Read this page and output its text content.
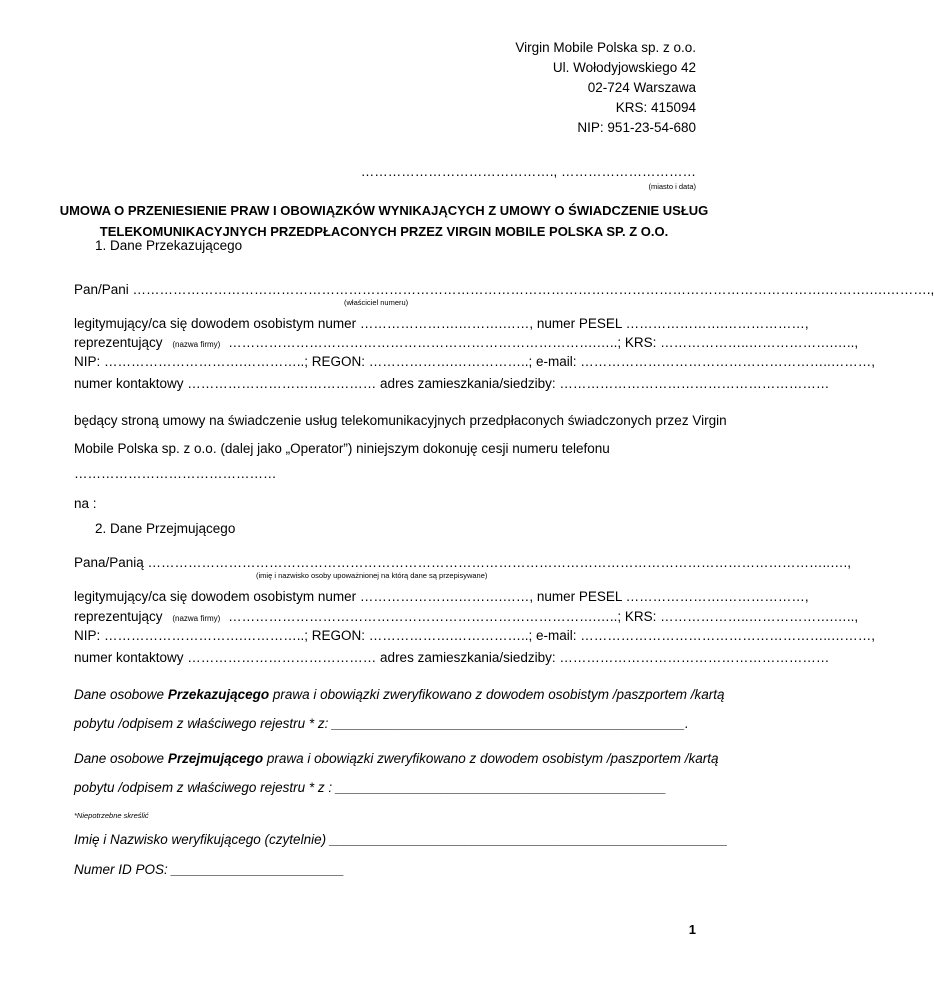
Virgin Mobile Polska sp. z o.o.
Ul. Wołodyjowskiego 42
02-724 Warszawa
KRS: 415094
NIP: 951-23-54-680
……………………………………., …………………………
(miasto i data)
UMOWA O PRZENIESIENIE PRAW I OBOWIĄZKÓW WYNIKAJĄCYCH Z UMOWY O ŚWIADCZENIE USŁUG
TELEKOMUNIKACYJNYCH PRZEDPŁACONYCH PRZEZ VIRGIN MOBILE POLSKA SP. Z O.O.
1. Dane Przekazującego
Pan/Pani ……………………………………………………………………………………………………………………………………….……….….……….,
(właściciel numeru)
legitymujący/ca się dowodem osobistym numer ………………….……….……, numer PESEL ………………….………………,
reprezentujący (nazwa firmy) ……………………………………………………………………….…..; KRS: ………………..……………….…..,
NIP: ………………………….…………..; REGON: ……………….……………..; e-mail: ………………………………………………..………,
numer kontaktowy …………………………………… adres zamieszkania/siedziby: ……………………………………………………
będący stroną umowy na świadczenie usług telekomunikacyjnych przedpłaconych świadczonych przez Virgin
Mobile Polska sp. z o.o. (dalej jako „Operator”) niniejszym dokonuję cesji numeru telefonu
………………………………………
na :
2. Dane Przejmującego
Pana/Panią ……………………………………………………………………………………………………………………………………..….,
(imię i nazwisko osoby upoważnionej na którą dane są przepisywane)
legitymujący/ca się dowodem osobistym numer ………………….……….……, numer PESEL ………………….………………,
reprezentujący (nazwa firmy) ……………………………………………………………………….…..; KRS: ………………..……………….…..,
NIP: ………………………….…………..; REGON: ……………….……………..; e-mail: ………………………………………………..………,
numer kontaktowy …………………………………… adres zamieszkania/siedziby: ……………………………………………………
Dane osobowe Przekazującego prawa i obowiązki zweryfikowano z dowodem osobistym /paszportem /kartą
pobytu /odpisem z właściwego rejestru * z: _______________________________________________.
Dane osobowe Przejmującego prawa i obowiązki zweryfikowano z dowodem osobistym /paszportem /kartą
pobytu /odpisem z właściwego rejestru * z : ____________________________________________
*Niepotrzebne skreślić
Imię i Nazwisko weryfikującego (czytelnie) _____________________________________________________
Numer ID POS: _______________________
1
